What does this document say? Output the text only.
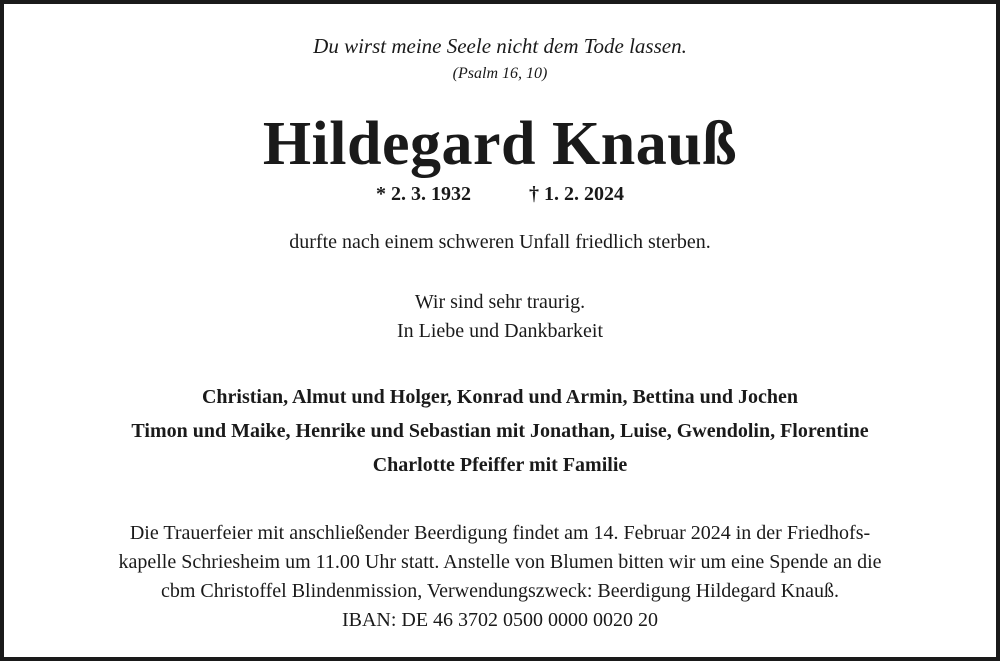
Du wirst meine Seele nicht dem Tode lassen.
(Psalm 16, 10)
Hildegard Knauß
* 2. 3. 1932	† 1. 2. 2024
durfte nach einem schweren Unfall friedlich sterben.
Wir sind sehr traurig.
In Liebe und Dankbarkeit
Christian, Almut und Holger, Konrad und Armin, Bettina und Jochen
Timon und Maike, Henrike und Sebastian mit Jonathan, Luise, Gwendolin, Florentine
Charlotte Pfeiffer mit Familie
Die Trauerfeier mit anschließender Beerdigung findet am 14. Februar 2024 in der Friedhofs-
kapelle Schriesheim um 11.00 Uhr statt. Anstelle von Blumen bitten wir um eine Spende an die
cbm Christoffel Blindenmission, Verwendungszweck: Beerdigung Hildegard Knauß.
IBAN: DE 46 3702 0500 0000 0020 20
